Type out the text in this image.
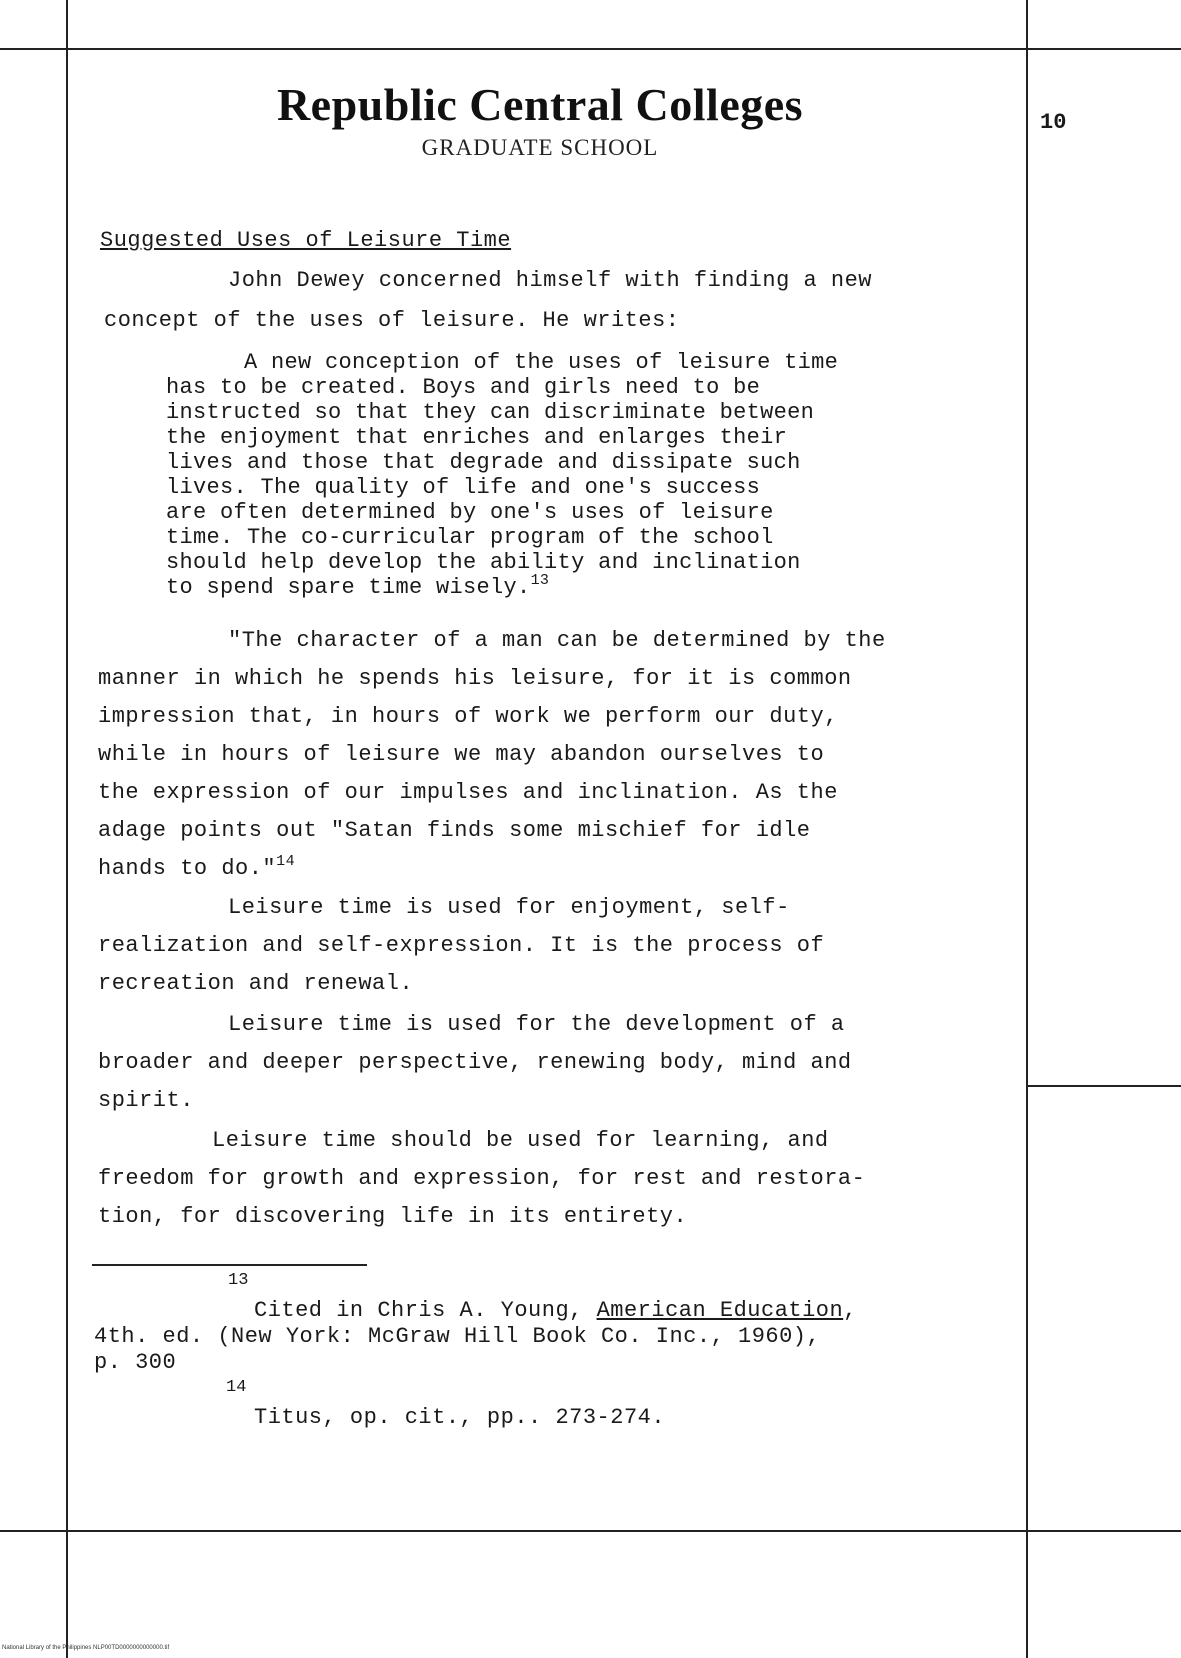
Republic Central Colleges
GRADUATE SCHOOL
10
Suggested Uses of Leisure Time
John Dewey concerned himself with finding a new
concept of the uses of leisure. He writes:
A new conception of the uses of leisure time
has to be created. Boys and girls need to be
instructed so that they can discriminate between
the enjoyment that enriches and enlarges their
lives and those that degrade and dissipate such
lives. The quality of life and one's success
are often determined by one's uses of leisure
time. The co-curricular program of the school
should help develop the ability and inclination
to spend spare time wisely.$^{13}$
"The character of a man can be determined by the
manner in which he spends his leisure, for it is common
impression that, in hours of work we perform our duty,
while in hours of leisure we may abandon ourselves to
the expression of our impulses and inclination. As the
adage points out "Satan finds some mischief for idle
hands to do."$^{14}$
Leisure time is used for enjoyment, self-
realization and self-expression. It is the process of
recreation and renewal.
Leisure time is used for the development of a
broader and deeper perspective, renewing body, mind and
spirit.
Leisure time should be used for learning, and
freedom for growth and expression, for rest and restora-
tion, for discovering life in its entirety.
13
Cited in Chris A. Young, American Education,
4th. ed. (New York: McGraw Hill Book Co. Inc., 1960),
p. 300
14
Titus, op. cit., pp.. 273-274.
National Library of the Philippines NLP00TD0000000000000.tif
